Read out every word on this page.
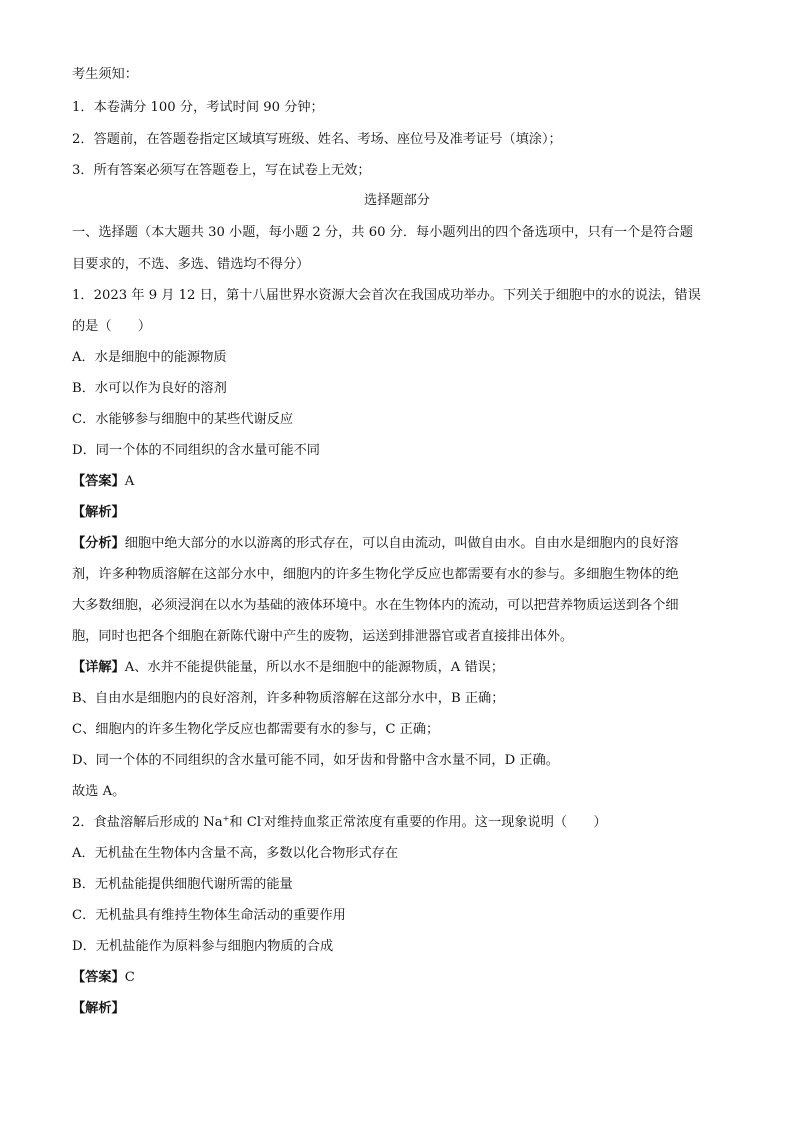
考生须知：
1．本卷满分 100 分，考试时间 90 分钟；
2．答题前，在答题卷指定区域填写班级、姓名、考场、座位号及准考证号（填涂）；
3．所有答案必须写在答题卷上，写在试卷上无效；
选择题部分
一、选择题（本大题共 30 小题，每小题 2 分，共 60 分．每小题列出的四个备选项中，只有一个是符合题
目要求的，不选、多选、错选均不得分）
1．2023 年 9 月 12 日，第十八届世界水资源大会首次在我国成功举办。下列关于细胞中的水的说法，错误
的是（　　）
A．水是细胞中的能源物质
B．水可以作为良好的溶剂
C．水能够参与细胞中的某些代谢反应
D．同一个体的不同组织的含水量可能不同
【答案】A
【解析】
【分析】细胞中绝大部分的水以游离的形式存在，可以自由流动，叫做自由水。自由水是细胞内的良好溶
剂，许多种物质溶解在这部分水中，细胞内的许多生物化学反应也都需要有水的参与。多细胞生物体的绝
大多数细胞，必须浸润在以水为基础的液体环境中。水在生物体内的流动，可以把营养物质运送到各个细
胞，同时也把各个细胞在新陈代谢中产生的废物，运送到排泄器官或者直接排出体外。
【详解】A、水并不能提供能量，所以水不是细胞中的能源物质，A 错误；
B、自由水是细胞内的良好溶剂，许多种物质溶解在这部分水中，B 正确；
C、细胞内的许多生物化学反应也都需要有水的参与，C 正确；
D、同一个体的不同组织的含水量可能不同，如牙齿和骨骼中含水量不同，D 正确。
故选 A。
2．食盐溶解后形成的 Na+和 Cl-对维持血浆正常浓度有重要的作用。这一现象说明（　　）
A．无机盐在生物体内含量不高，多数以化合物形式存在
B．无机盐能提供细胞代谢所需的能量
C．无机盐具有维持生物体生命活动的重要作用
D．无机盐能作为原料参与细胞内物质的合成
【答案】C
【解析】
